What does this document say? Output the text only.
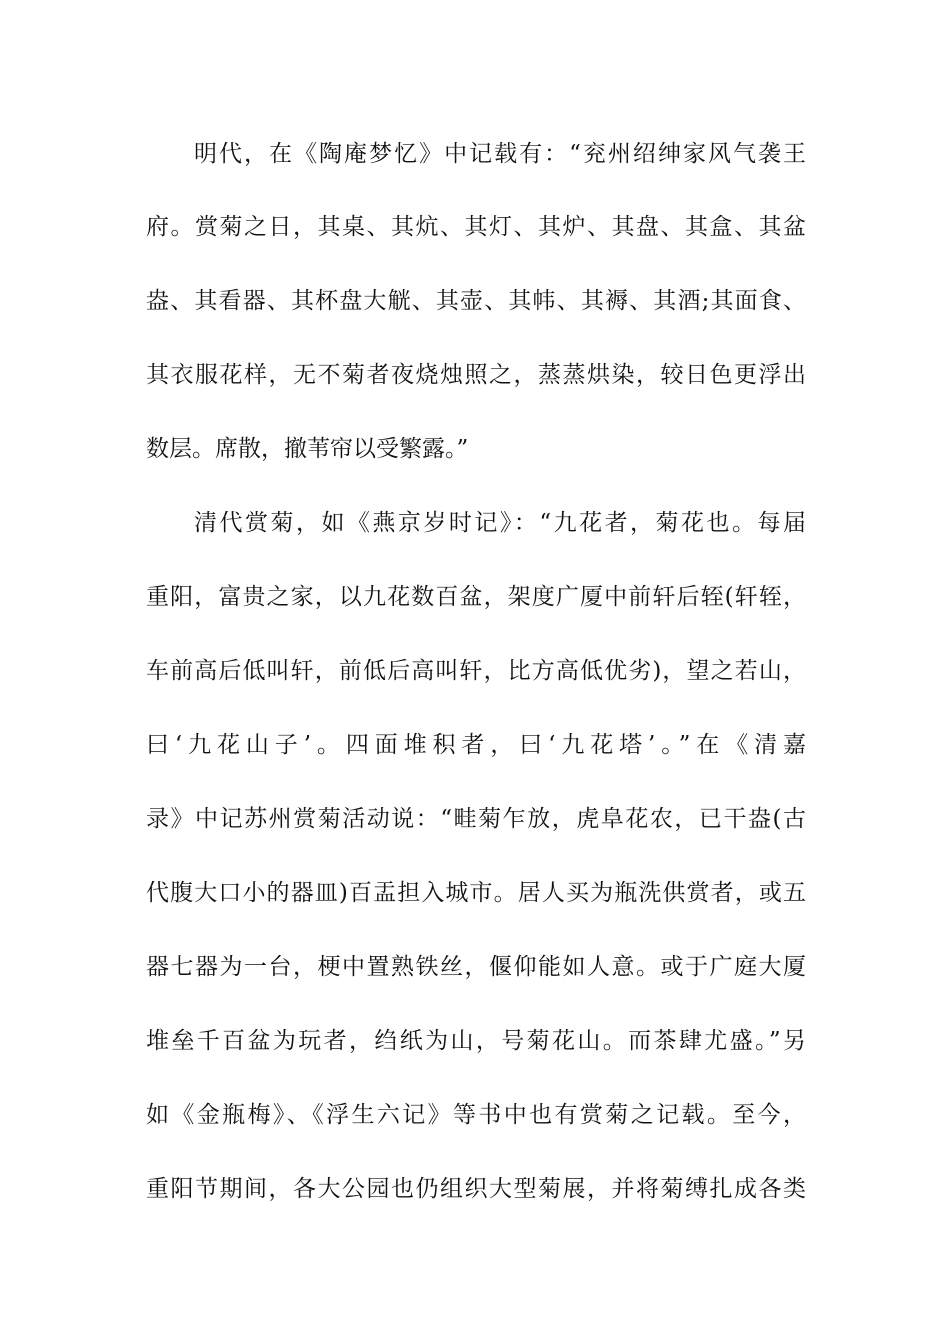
明代，在《陶庵梦忆》中记载有：“兖州绍绅家风气袭王
府。赏菊之日，其桌、其炕、其灯、其炉、其盘、其盒、其盆
盎、其看器、其杯盘大觥、其壶、其帏、其褥、其酒;其面食、
其衣服花样，无不菊者夜烧烛照之，蒸蒸烘染，较日色更浮出
数层。席散，撤苇帘以受繁露。”
清代赏菊，如《燕京岁时记》：“九花者，菊花也。每届
重阳，富贵之家，以九花数百盆，架度广厦中前轩后轾(轩轾，
车前高后低叫轩，前低后高叫轩，比方高低优劣)，望之若山，
曰‘九花山子’。四面堆积者，曰‘九花塔’。”在《清嘉
录》中记苏州赏菊活动说：“畦菊乍放，虎阜花农，已干盎(古
代腹大口小的器皿)百盂担入城市。居人买为瓶洗供赏者，或五
器七器为一台，梗中置熟铁丝，偃仰能如人意。或于广庭大厦
堆垒千百盆为玩者，绉纸为山，号菊花山。而茶肆尤盛。”另
如《金瓶梅》、《浮生六记》等书中也有赏菊之记载。至今，
重阳节期间，各大公园也仍组织大型菊展，并将菊缚扎成各类
